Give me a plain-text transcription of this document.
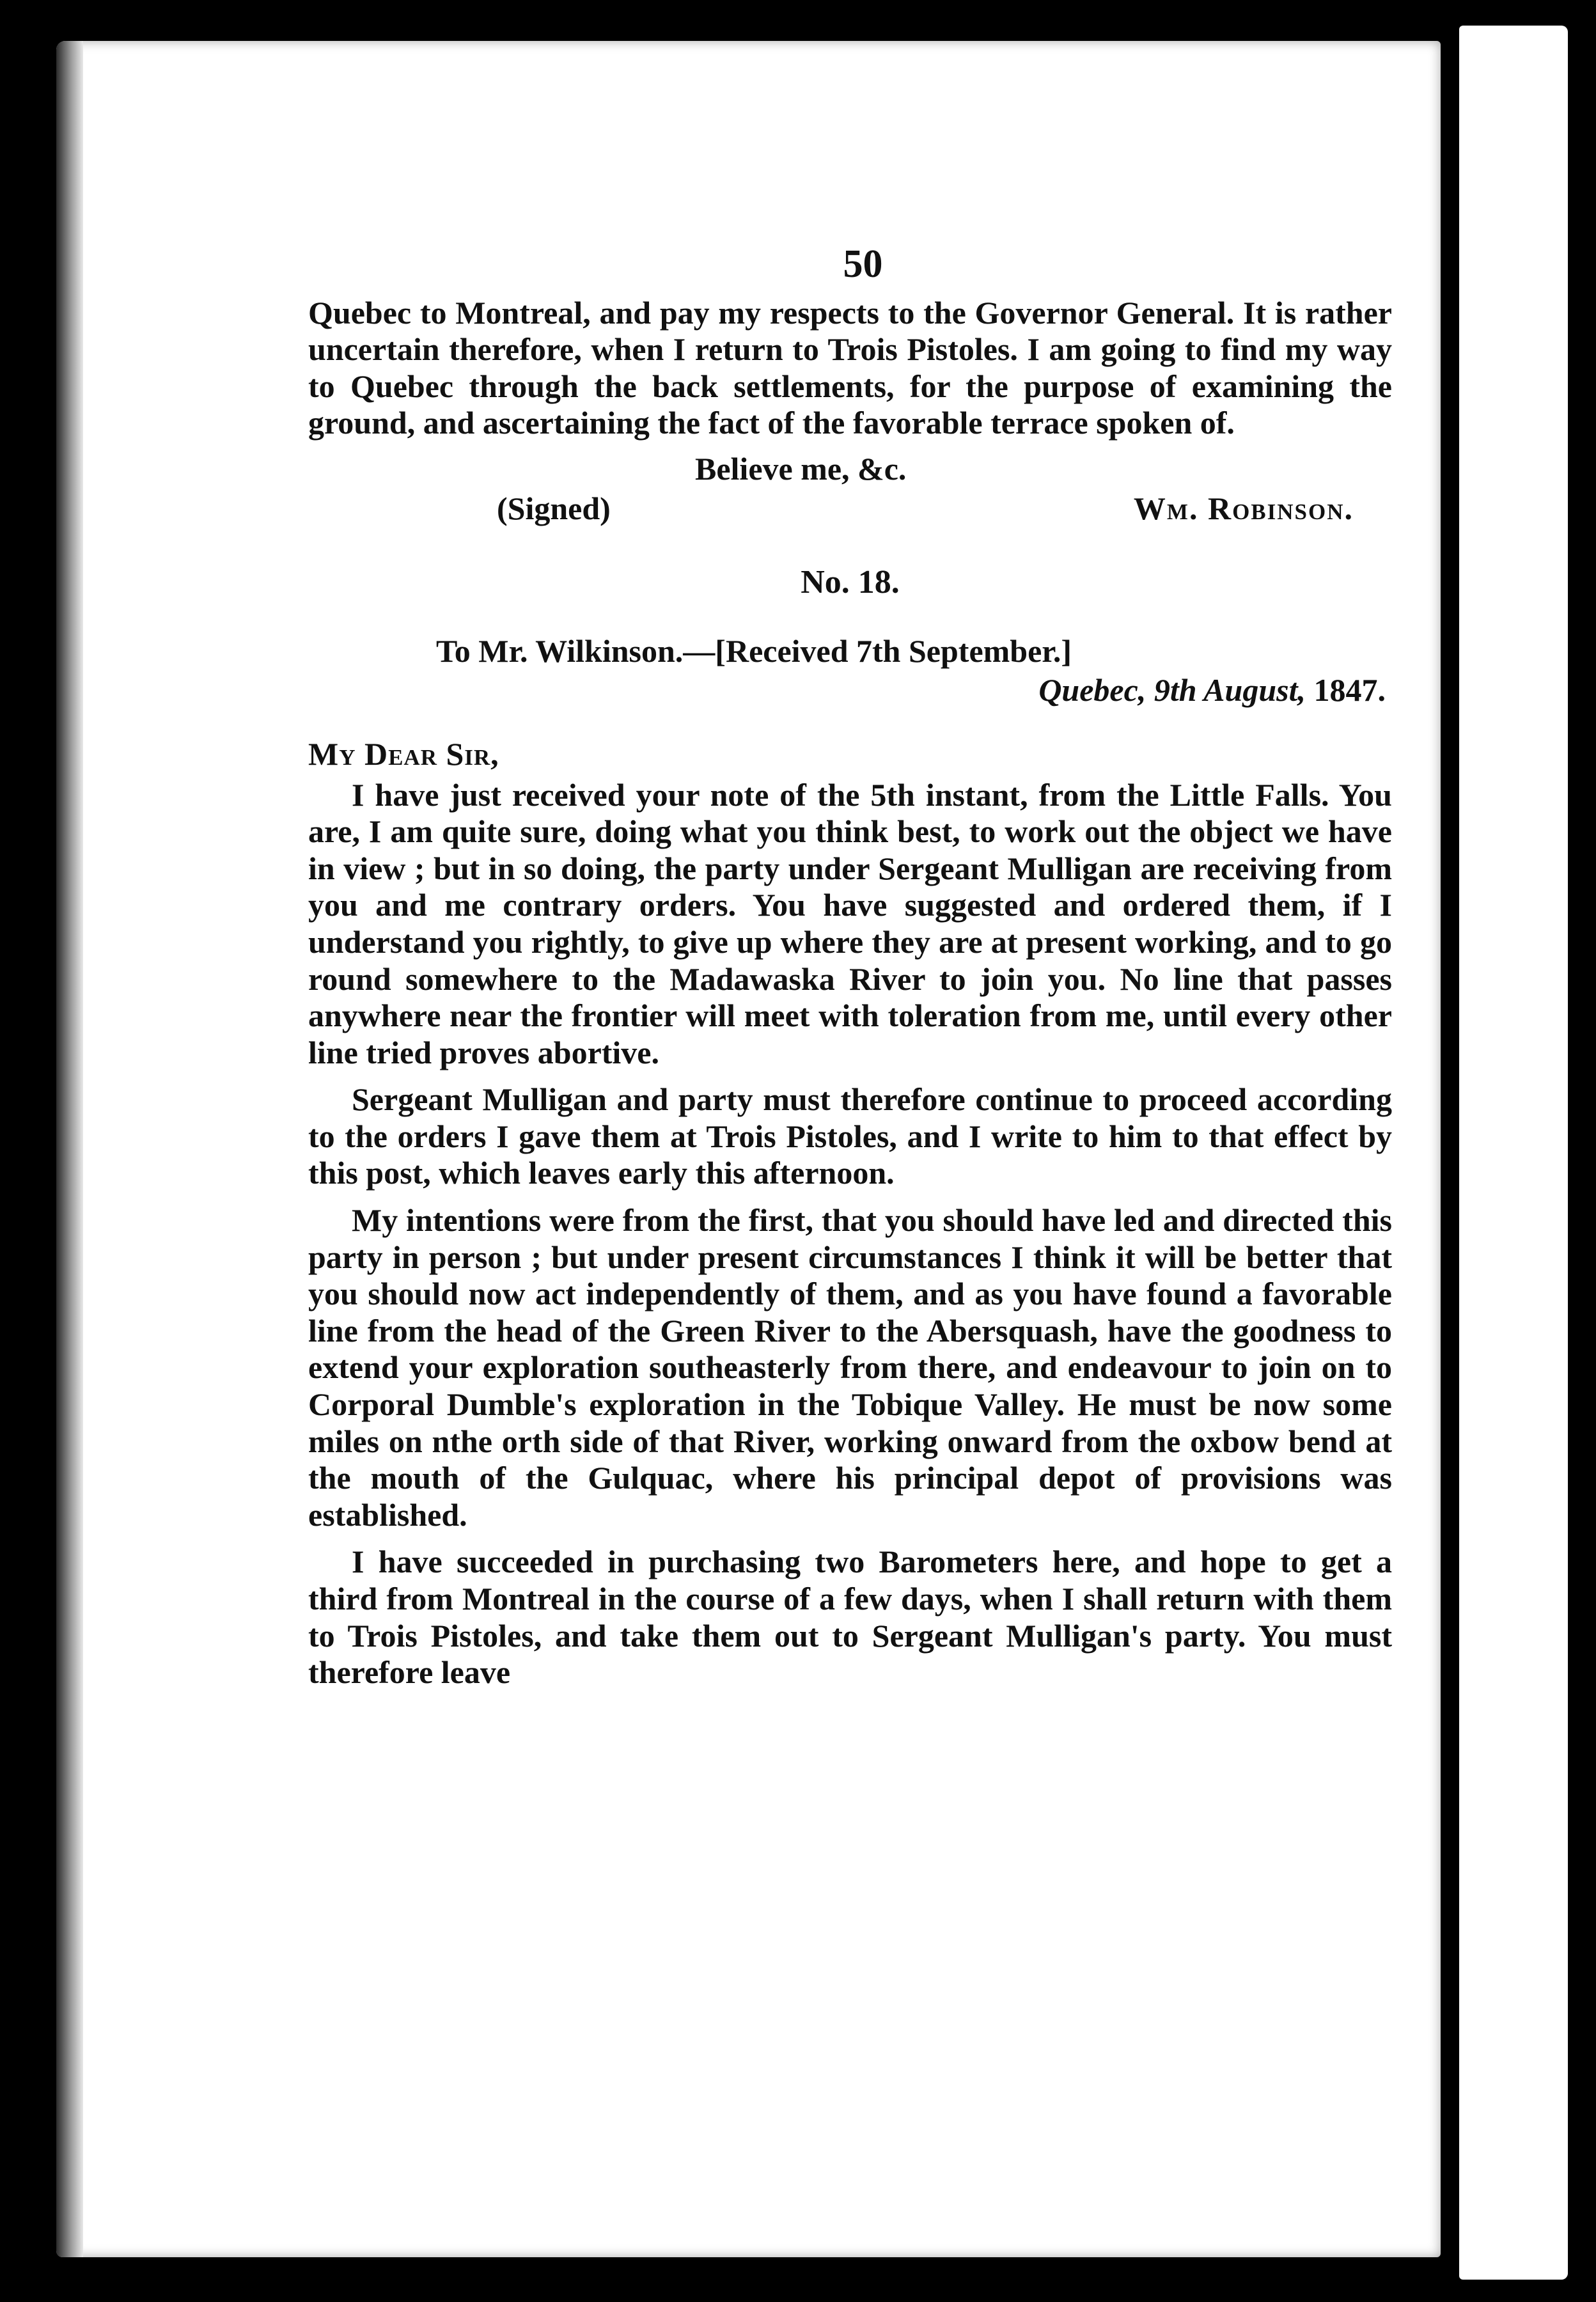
50

Quebec to Montreal, and pay my respects to the Governor General. It is rather uncertain therefore, when I return to Trois Pistoles. I am going to find my way to Quebec through the back settlements, for the purpose of examining the ground, and ascertaining the fact of the favorable terrace spoken of.

Believe me, &c.

(Signed)	Wm. Robinson.

No. 18.

To Mr. Wilkinson.—[Received 7th September.]

Quebec, 9th August, 1847.

My Dear Sir,

I have just received your note of the 5th instant, from the Little Falls. You are, I am quite sure, doing what you think best, to work out the object we have in view ; but in so doing, the party under Sergeant Mulligan are receiving from you and me contrary orders. You have suggested and ordered them, if I understand you rightly, to give up where they are at present working, and to go round somewhere to the Madawaska River to join you. No line that passes anywhere near the frontier will meet with toleration from me, until every other line tried proves abortive.

Sergeant Mulligan and party must therefore continue to proceed according to the orders I gave them at Trois Pistoles, and I write to him to that effect by this post, which leaves early this afternoon.

My intentions were from the first, that you should have led and directed this party in person ; but under present circumstances I think it will be better that you should now act independently of them, and as you have found a favorable line from the head of the Green River to the Abersquash, have the goodness to extend your exploration southeasterly from there, and endeavour to join on to Corporal Dumble's exploration in the Tobique Valley. He must be now some miles on nthe orth side of that River, working onward from the oxbow bend at the mouth of the Gulquac, where his principal depot of provisions was established.

I have succeeded in purchasing two Barometers here, and hope to get a third from Montreal in the course of a few days, when I shall return with them to Trois Pistoles, and take them out to Sergeant Mulligan's party. You must therefore leave
